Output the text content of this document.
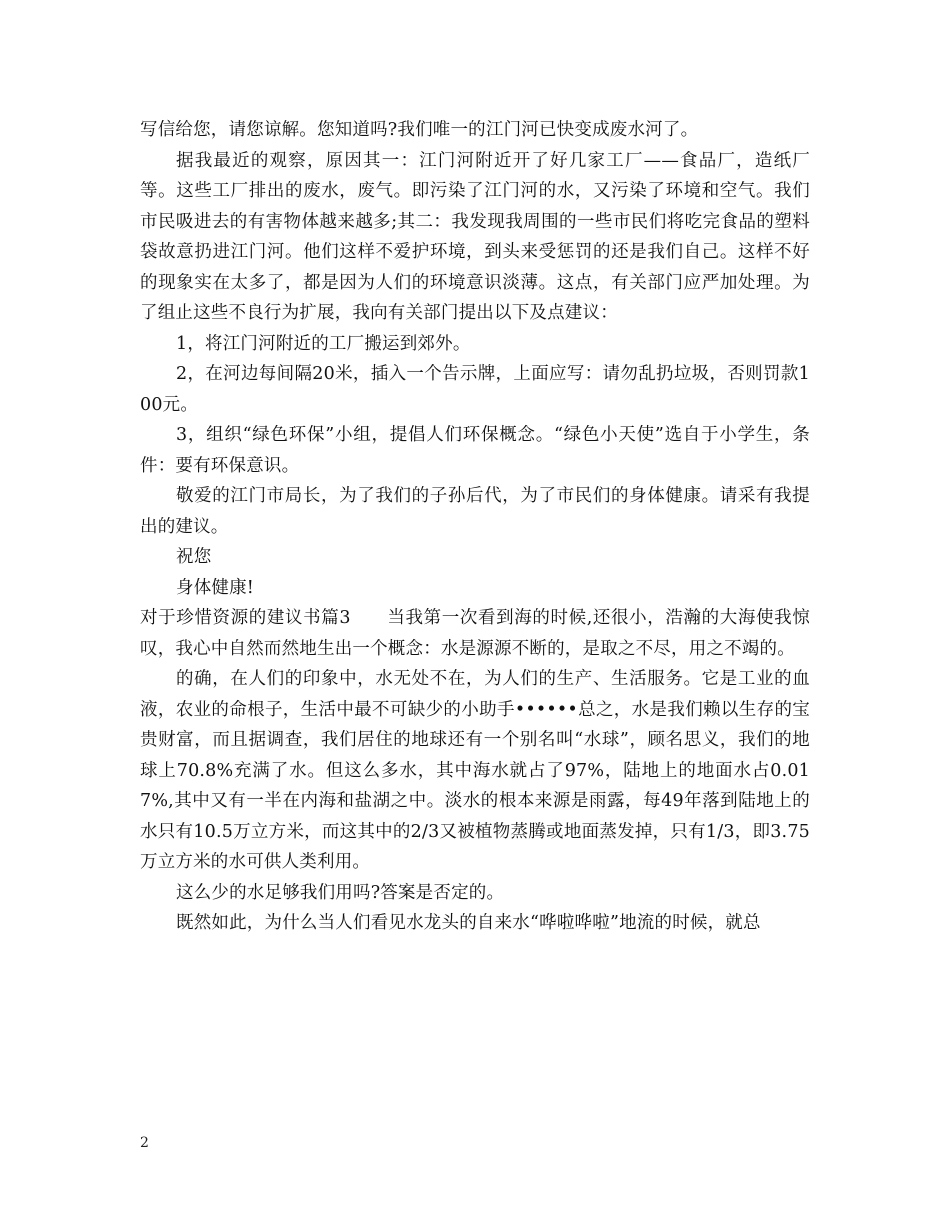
写信给您，请您谅解。您知道吗?我们唯一的江门河已快变成废水河了。

据我最近的观察，原因其一：江门河附近开了好几家工厂——食品厂，造纸厂等。这些工厂排出的废水，废气。即污染了江门河的水，又污染了环境和空气。我们市民吸进去的有害物体越来越多;其二：我发现我周围的一些市民们将吃完食品的塑料袋故意扔进江门河。他们这样不爱护环境，到头来受惩罚的还是我们自己。这样不好的现象实在太多了，都是因为人们的环境意识淡薄。这点，有关部门应严加处理。为了组止这些不良行为扩展，我向有关部门提出以下及点建议：

1，将江门河附近的工厂搬运到郊外。

2，在河边每间隔20米，插入一个告示牌，上面应写：请勿乱扔垃圾，否则罚款100元。

3，组织“绿色环保”小组，提倡人们环保概念。“绿色小天使”选自于小学生，条件：要有环保意识。

敬爱的江门市局长，为了我们的子孙后代，为了市民们的身体健康。请采有我提出的建议。

祝您

身体健康!

对于珍惜资源的建议书篇3　　当我第一次看到海的时候,还很小，浩瀚的大海使我惊叹，我心中自然而然地生出一个概念：水是源源不断的，是取之不尽，用之不竭的。

的确，在人们的印象中，水无处不在，为人们的生产、生活服务。它是工业的血液，农业的命根子，生活中最不可缺少的小助手••••••总之，水是我们赖以生存的宝贵财富，而且据调查，我们居住的地球还有一个别名叫“水球”，顾名思义，我们的地球上70.8%充满了水。但这么多水，其中海水就占了97%，陆地上的地面水占0.017%,其中又有一半在内海和盐湖之中。淡水的根本来源是雨露，每49年落到陆地上的水只有10.5万立方米，而这其中的2/3又被植物蒸腾或地面蒸发掉，只有1/3，即3.75万立方米的水可供人类利用。

这么少的水足够我们用吗?答案是否定的。

既然如此，为什么当人们看见水龙头的自来水“哗啦哗啦”地流的时候，就总

2
